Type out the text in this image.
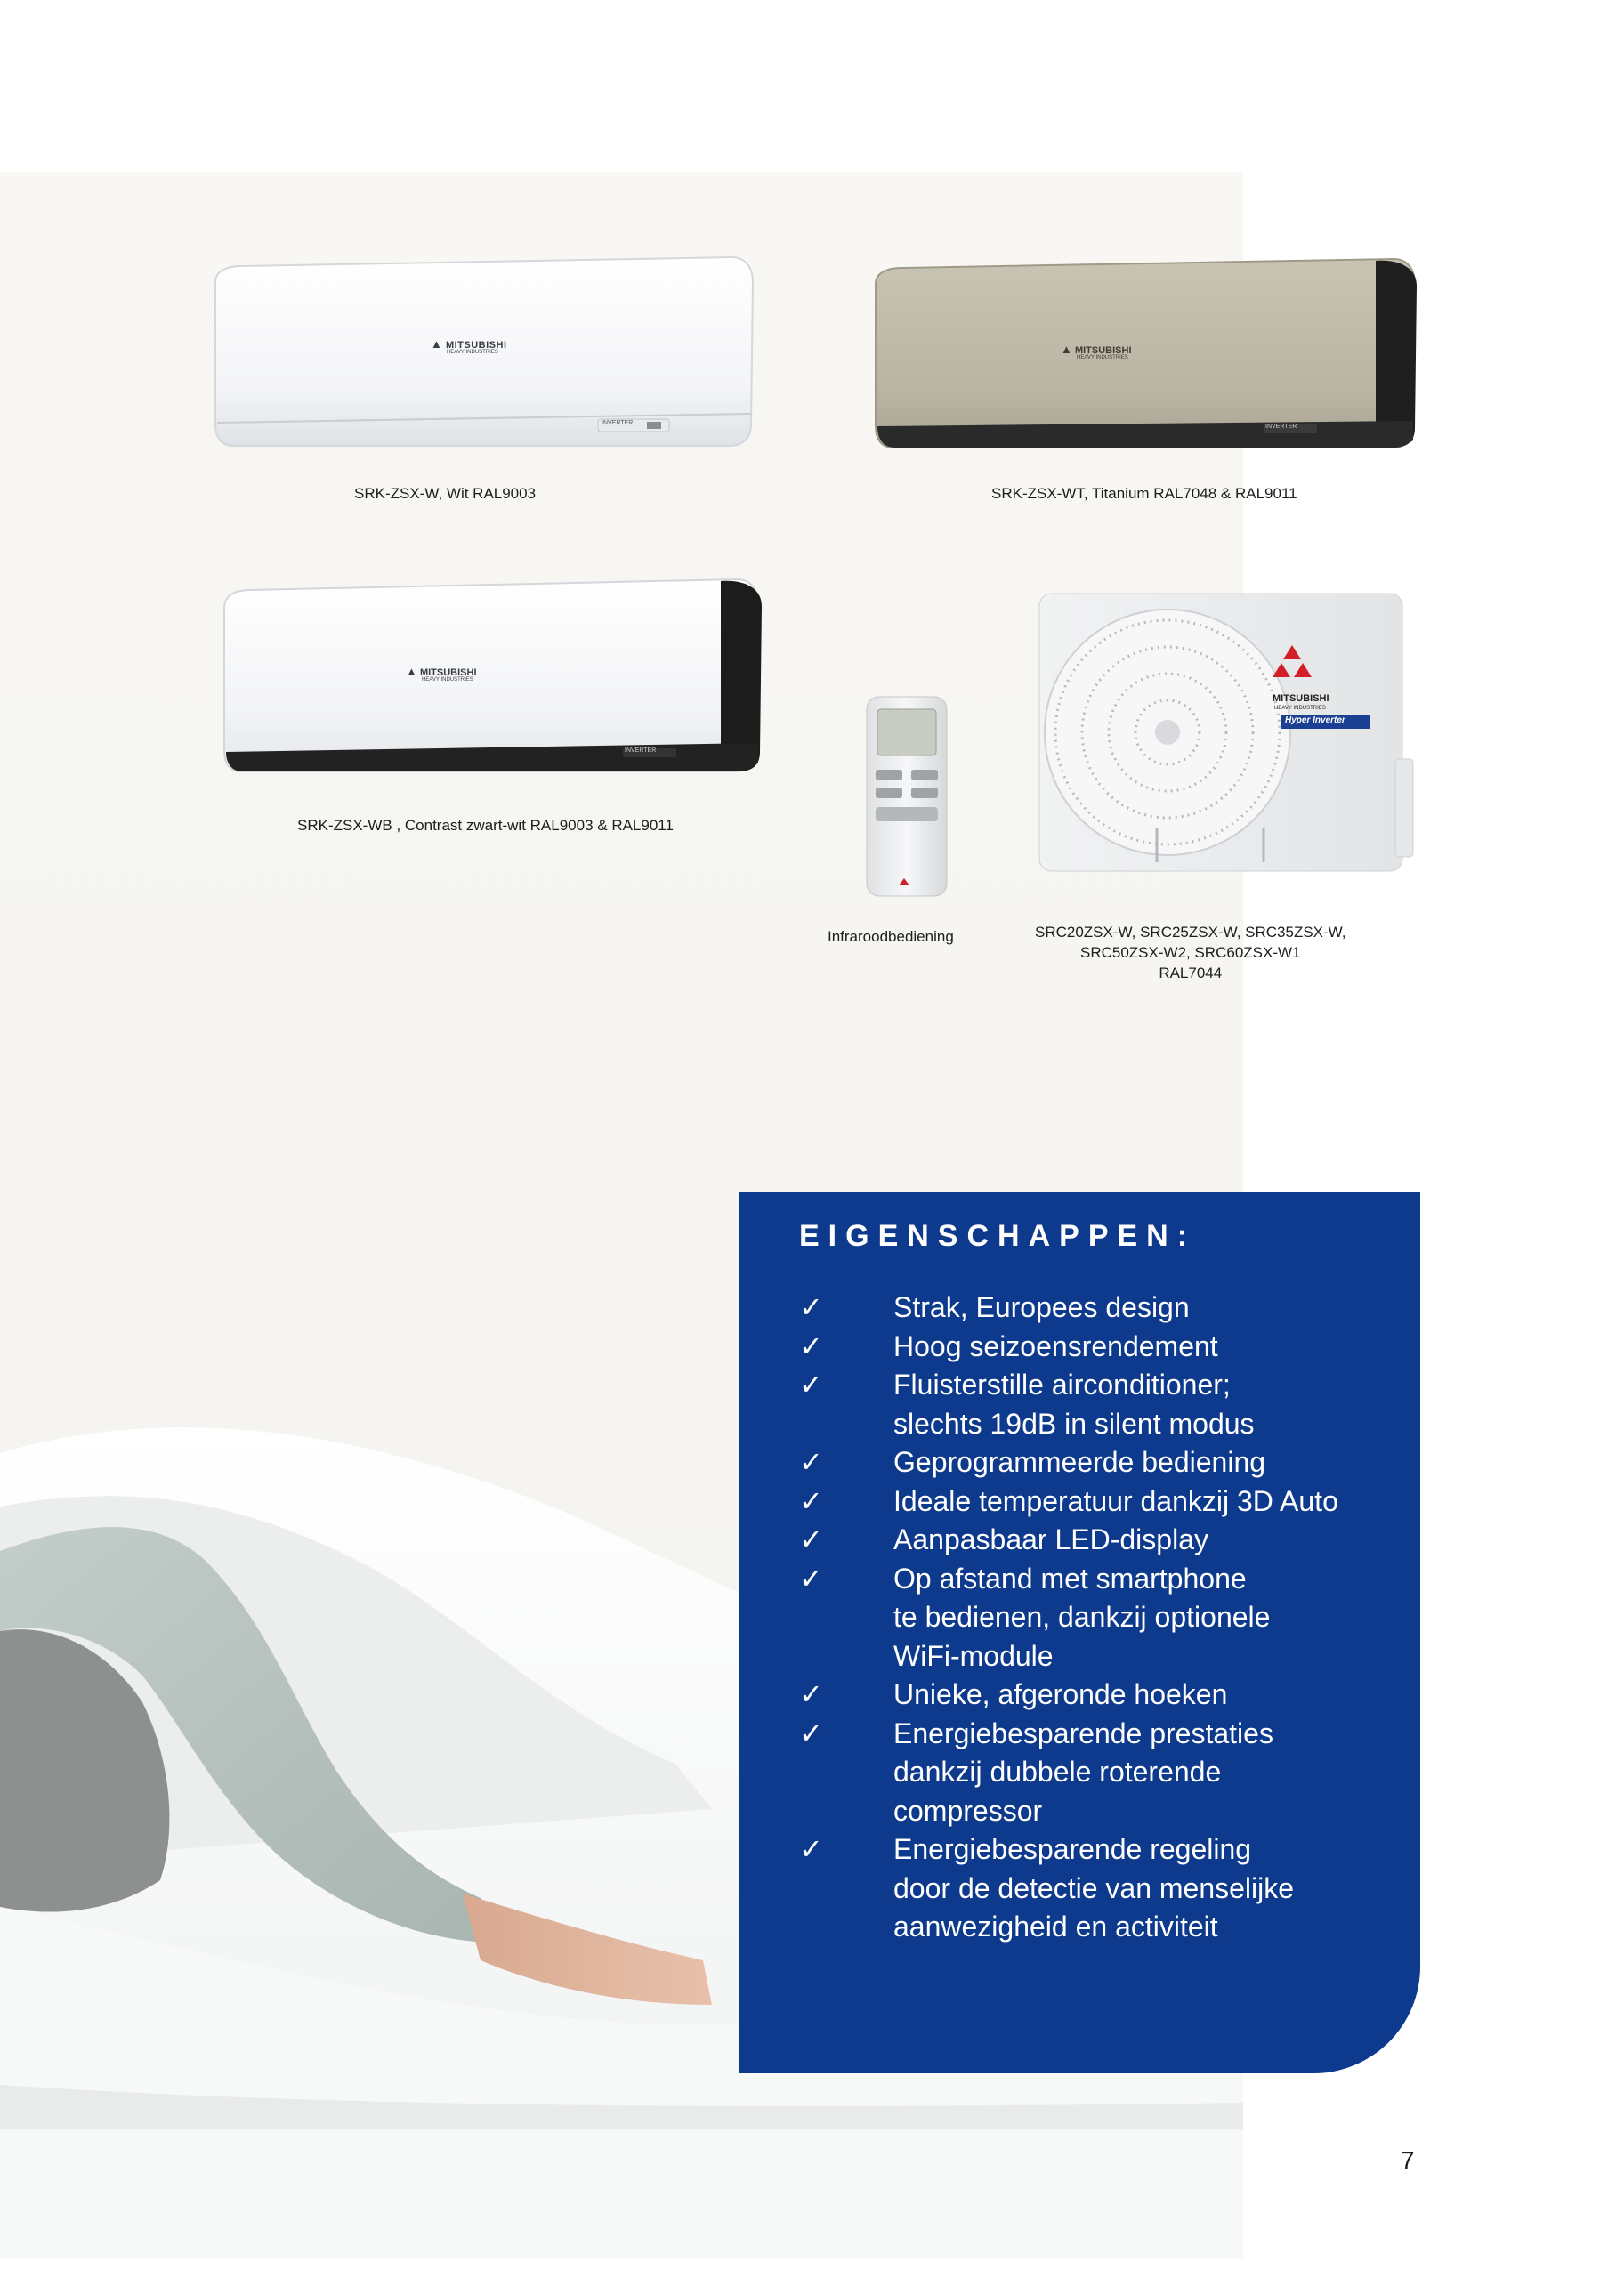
▲ MITSUBISHI
HEAVY INDUSTRIES
INVERTER
SRK-ZSX-W, Wit RAL9003
▲ MITSUBISHI
HEAVY INDUSTRIES
INVERTER
SRK-ZSX-WT, Titanium RAL7048 & RAL9011
▲ MITSUBISHI
HEAVY INDUSTRIES
INVERTER
SRK-ZSX-WB , Contrast zwart-wit RAL9003 & RAL9011
Infraroodbediening
MITSUBISHI
HEAVY INDUSTRIES
Hyper Inverter
SRC20ZSX-W, SRC25ZSX-W, SRC35ZSX-W,
SRC50ZSX-W2, SRC60ZSX-W1
RAL7044
EIGENSCHAPPEN:
✓	Strak, Europees design
✓	Hoog seizoensrendement
✓	Fluisterstille airconditioner;
slechts 19dB in silent modus
✓	Geprogrammeerde bediening
✓	Ideale temperatuur dankzij 3D Auto
✓	Aanpasbaar LED-display
✓	Op afstand met smartphone
te bedienen, dankzij optionele
WiFi-module
✓	Unieke, afgeronde hoeken
✓	Energiebesparende prestaties
dankzij dubbele roterende
compressor
✓	Energiebesparende regeling
door de detectie van menselijke
aanwezigheid en activiteit
7
